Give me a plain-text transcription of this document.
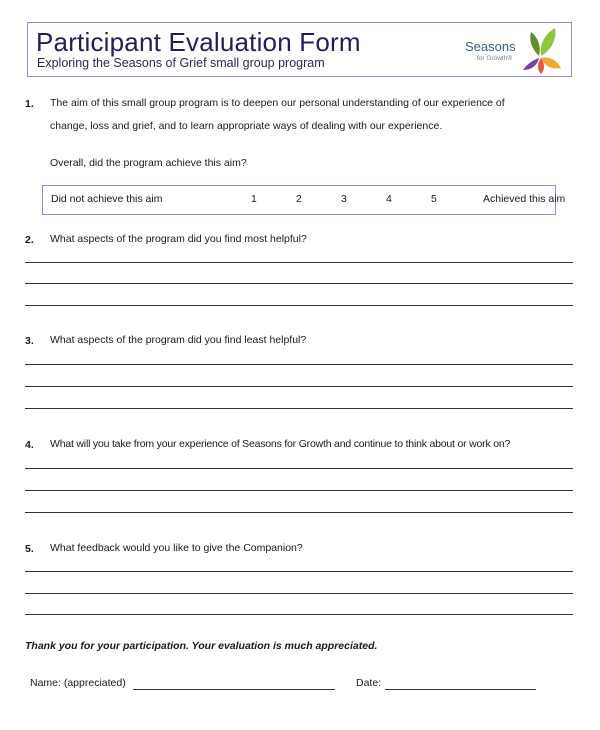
Participant Evaluation Form
Exploring the Seasons of Grief small group program
Seasons
for Growth®
1. The aim of this small group program is to deepen our personal understanding of our experience of
change, loss and grief, and to learn appropriate ways of dealing with our experience.
Overall, did the program achieve this aim?
Did not achieve this aim	1	2	3	4	5	Achieved this aim
2. What aspects of the program did you find most helpful?
3. What aspects of the program did you find least helpful?
4. What will you take from your experience of Seasons for Growth and continue to think about or work on?
5. What feedback would you like to give the Companion?
Thank you for your participation. Your evaluation is much appreciated.
Name: (appreciated)	Date:
